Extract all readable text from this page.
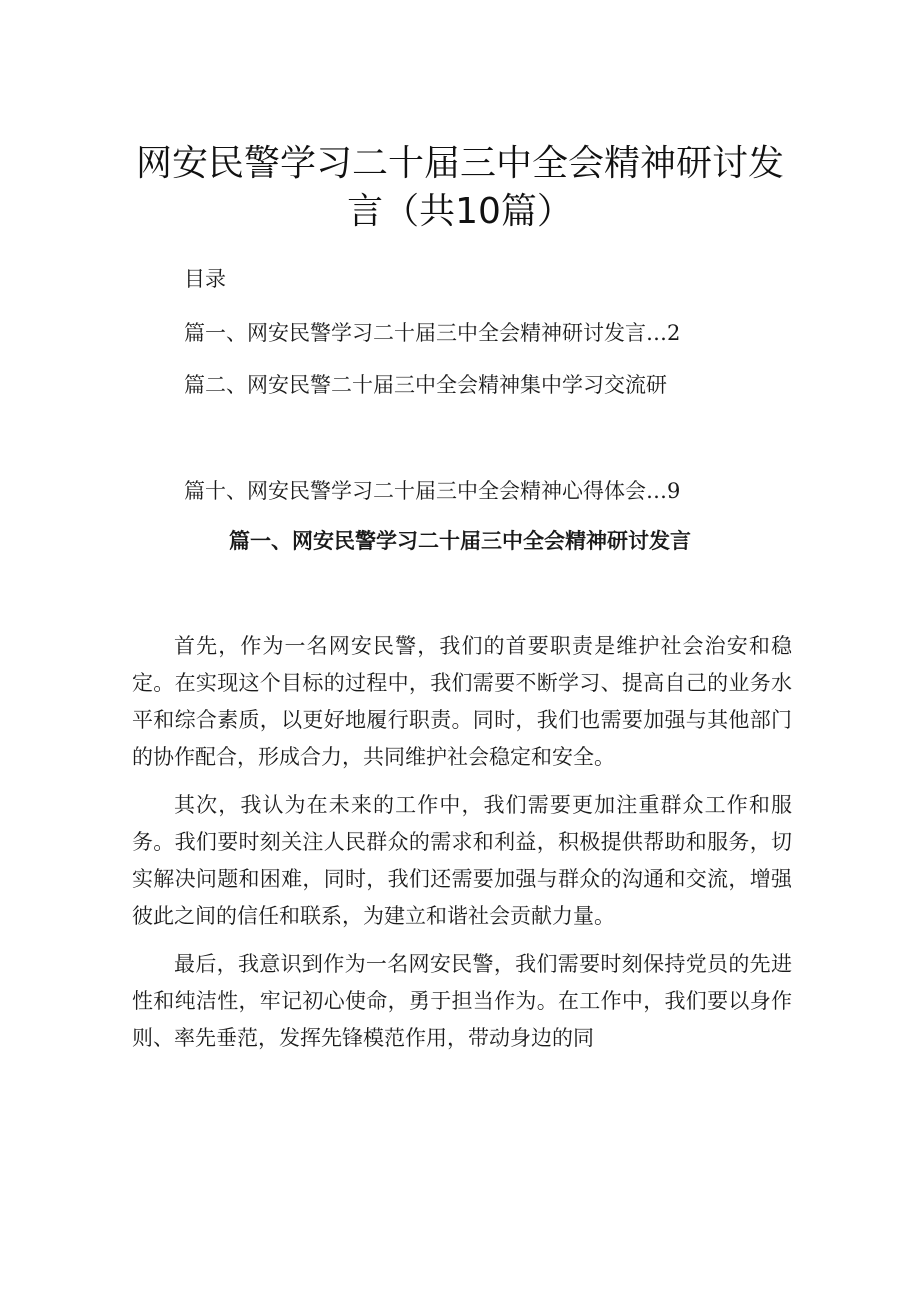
网安民警学习二十届三中全会精神研讨发
言（共10篇）
目录
篇一、网安民警学习二十届三中全会精神研讨发言…2
篇二、网安民警二十届三中全会精神集中学习交流研
篇十、网安民警学习二十届三中全会精神心得体会…9
篇一、网安民警学习二十届三中全会精神研讨发言

首先，作为一名网安民警，我们的首要职责是维护社会治安和稳定。在实现这个目标的过程中，我们需要不断学习、提高自己的业务水平和综合素质，以更好地履行职责。同时，我们也需要加强与其他部门的协作配合，形成合力，共同维护社会稳定和安全。

其次，我认为在未来的工作中，我们需要更加注重群众工作和服务。我们要时刻关注人民群众的需求和利益，积极提供帮助和服务，切实解决问题和困难，同时，我们还需要加强与群众的沟通和交流，增强彼此之间的信任和联系，为建立和谐社会贡献力量。

最后，我意识到作为一名网安民警，我们需要时刻保持党员的先进性和纯洁性，牢记初心使命，勇于担当作为。在工作中，我们要以身作则、率先垂范，发挥先锋模范作用，带动身边的同
